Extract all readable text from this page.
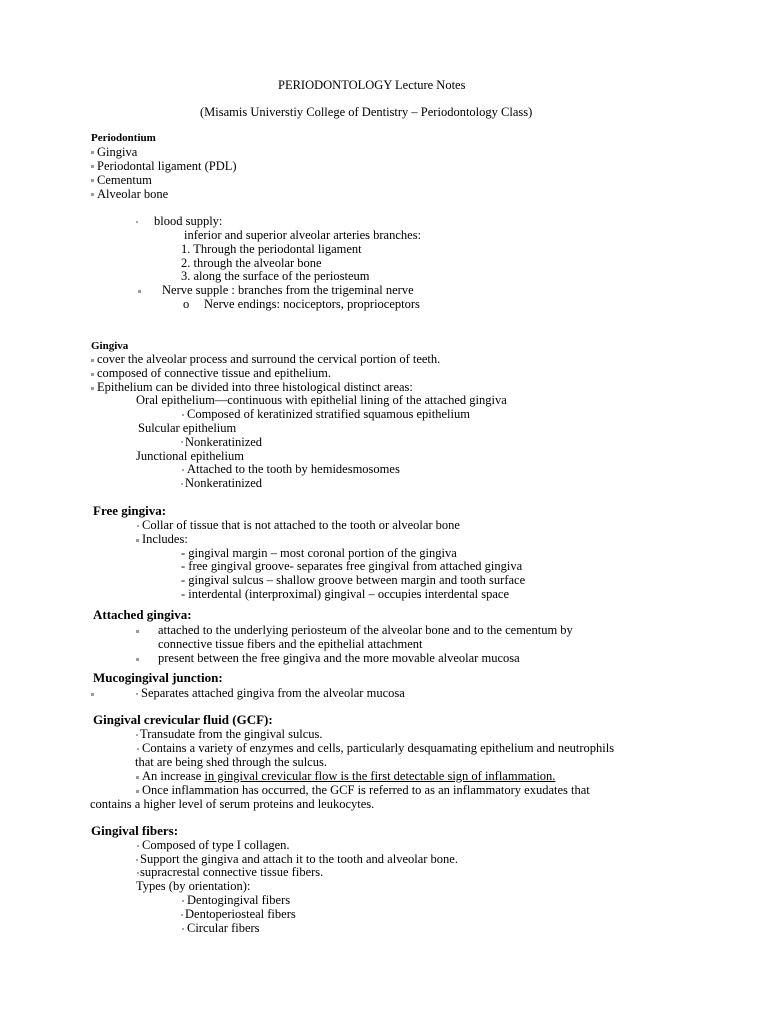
PERIODONTOLOGY Lecture Notes
(Misamis Universtiy College of Dentistry – Periodontology Class)
Periodontium
Gingiva
Periodontal ligament (PDL)
Cementum
Alveolar bone
blood supply:
inferior and superior alveolar arteries branches:
1. Through the periodontal ligament
2. through the alveolar bone
3. along the surface of the periosteum
Nerve supple : branches from the trigeminal nerve
o Nerve endings: nociceptors, proprioceptors
Gingiva
cover the alveolar process and surround the cervical portion of teeth.
composed of connective tissue and epithelium.
Epithelium can be divided into three histological distinct areas:
Oral epithelium—continuous with epithelial lining of the attached gingiva
Composed of keratinized stratified squamous epithelium
Sulcular epithelium
Nonkeratinized
Junctional epithelium
Attached to the tooth by hemidesmosomes
Nonkeratinized
Free gingiva:
Collar of tissue that is not attached to the tooth or alveolar bone
Includes:
- gingival margin – most coronal portion of the gingiva
- free gingival groove- separates free gingival from attached gingiva
- gingival sulcus – shallow groove between margin and tooth surface
- interdental (interproximal) gingival – occupies interdental space
Attached gingiva:
attached to the underlying periosteum of the alveolar bone and to the cementum by
connective tissue fibers and the epithelial attachment
present between the free gingiva and the more movable alveolar mucosa
Mucogingival junction:
Separates attached gingiva from the alveolar mucosa
Gingival crevicular fluid (GCF):
Transudate from the gingival sulcus.
Contains a variety of enzymes and cells, particularly desquamating epithelium and neutrophils
that are being shed through the sulcus.
An increase in gingival crevicular flow is the first detectable sign of inflammation.
Once inflammation has occurred, the GCF is referred to as an inflammatory exudates that
contains a higher level of serum proteins and leukocytes.
Gingival fibers:
Composed of type I collagen.
Support the gingiva and attach it to the tooth and alveolar bone.
supracrestal connective tissue fibers.
Types (by orientation):
Dentogingival fibers
Dentoperiosteal fibers
Circular fibers
